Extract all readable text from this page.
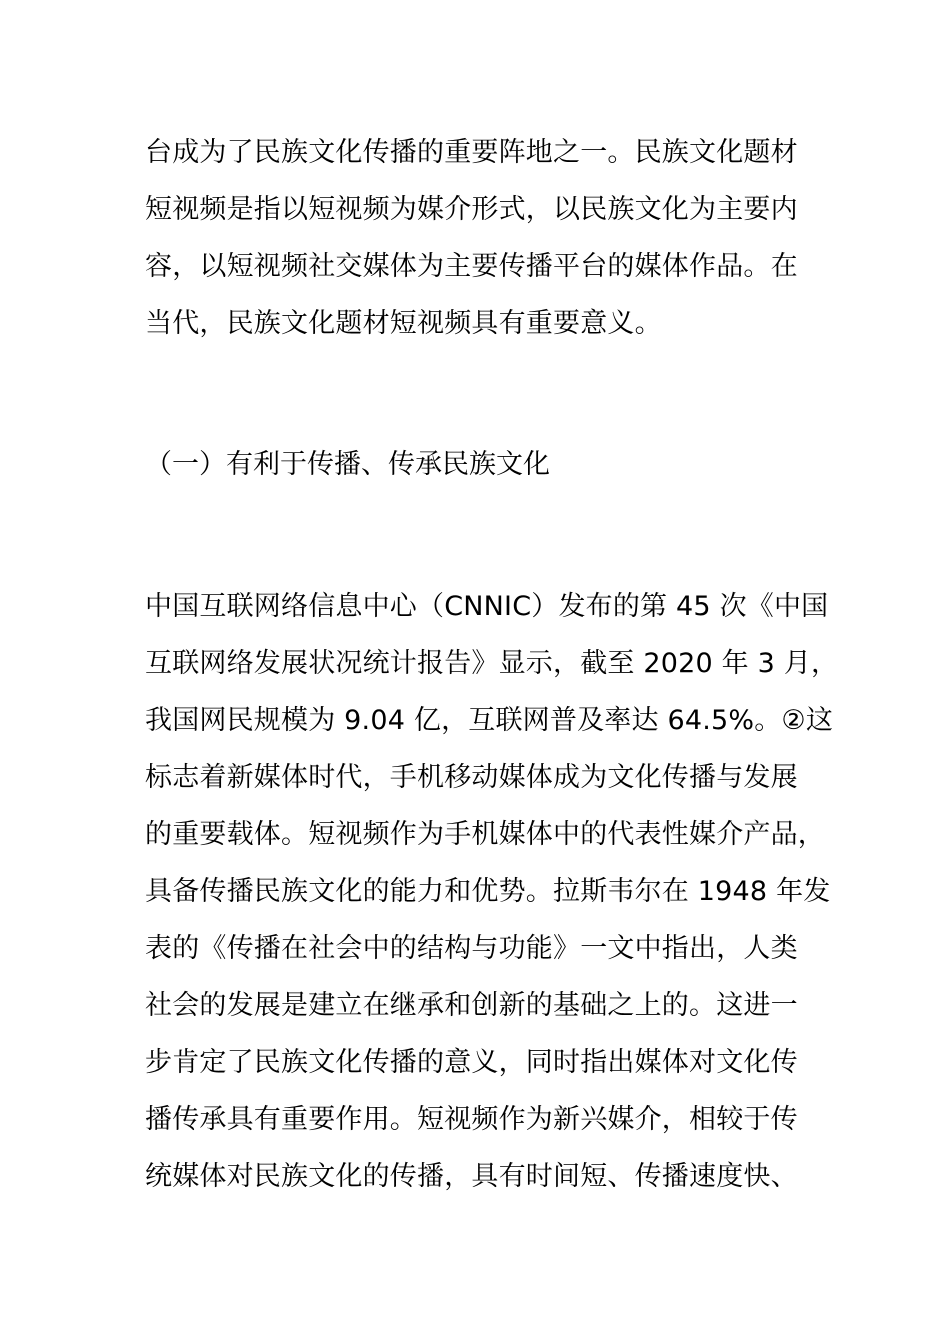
台成为了民族文化传播的重要阵地之一。民族文化题材
短视频是指以短视频为媒介形式，以民族文化为主要内
容，以短视频社交媒体为主要传播平台的媒体作品。在
当代，民族文化题材短视频具有重要意义。
（一）有利于传播、传承民族文化
中国互联网络信息中心（CNNIC）发布的第 45 次《中国
互联网络发展状况统计报告》显示，截至 2020 年 3 月，
我国网民规模为 9.04 亿，互联网普及率达 64.5%。②这
标志着新媒体时代，手机移动媒体成为文化传播与发展
的重要载体。短视频作为手机媒体中的代表性媒介产品，
具备传播民族文化的能力和优势。拉斯韦尔在 1948 年发
表的《传播在社会中的结构与功能》一文中指出，人类
社会的发展是建立在继承和创新的基础之上的。这进一
步肯定了民族文化传播的意义，同时指出媒体对文化传
播传承具有重要作用。短视频作为新兴媒介，相较于传
统媒体对民族文化的传播，具有时间短、传播速度快、
